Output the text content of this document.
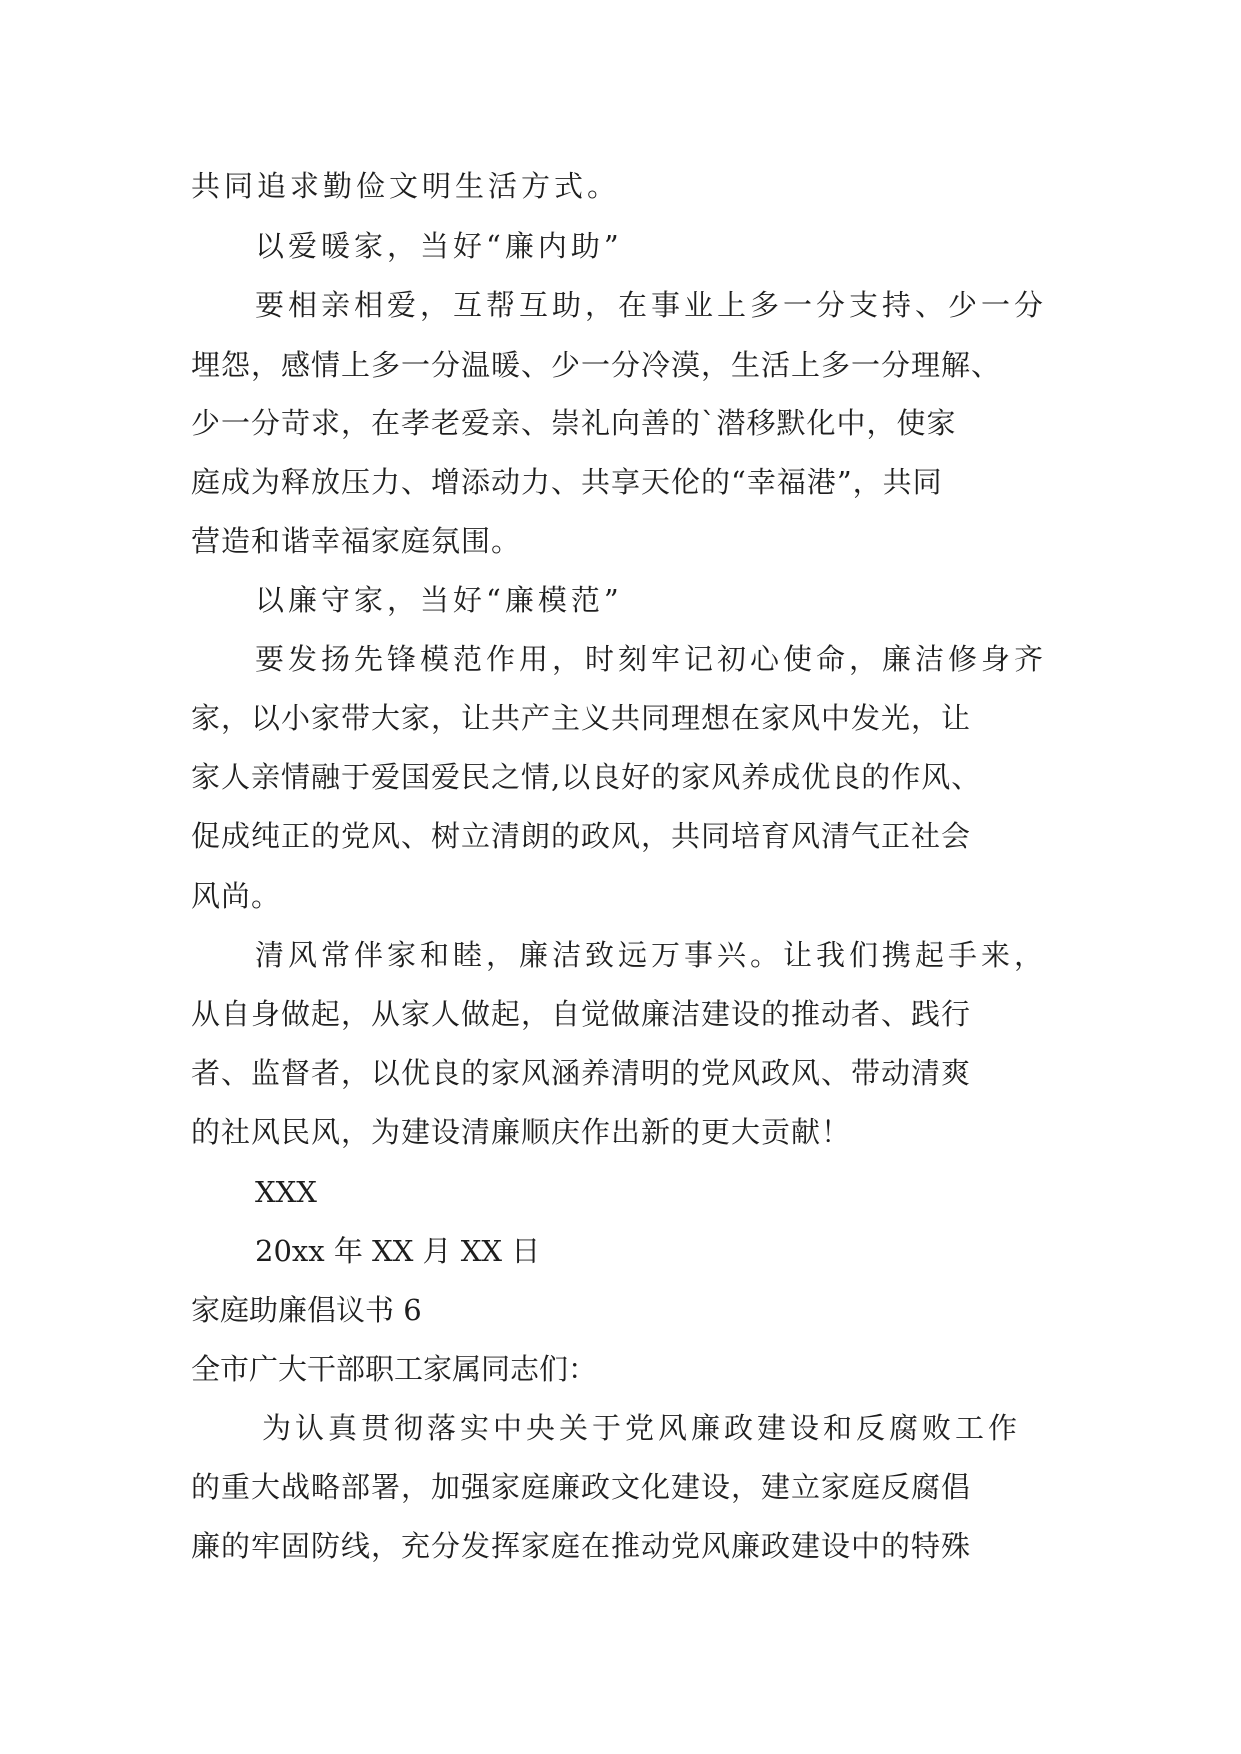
共同追求勤俭文明生活方式。

以爱暖家，当好“廉内助”

要相亲相爱，互帮互助，在事业上多一分支持、少一分

埋怨，感情上多一分温暖、少一分冷漠，生活上多一分理解、

少一分苛求，在孝老爱亲、崇礼向善的`潜移默化中，使家

庭成为释放压力、增添动力、共享天伦的“幸福港”，共同

营造和谐幸福家庭氛围。

以廉守家，当好“廉模范”

要发扬先锋模范作用，时刻牢记初心使命，廉洁修身齐

家，以小家带大家，让共产主义共同理想在家风中发光，让

家人亲情融于爱国爱民之情,以良好的家风养成优良的作风、

促成纯正的党风、树立清朗的政风，共同培育风清气正社会

风尚。

清风常伴家和睦，廉洁致远万事兴。让我们携起手来，

从自身做起，从家人做起，自觉做廉洁建设的推动者、践行

者、监督者，以优良的家风涵养清明的党风政风、带动清爽

的社风民风，为建设清廉顺庆作出新的更大贡献！

XXX

20xx 年 XX 月 XX 日

家庭助廉倡议书 6

全市广大干部职工家属同志们：

为认真贯彻落实中央关于党风廉政建设和反腐败工作

的重大战略部署，加强家庭廉政文化建设，建立家庭反腐倡

廉的牢固防线，充分发挥家庭在推动党风廉政建设中的特殊
